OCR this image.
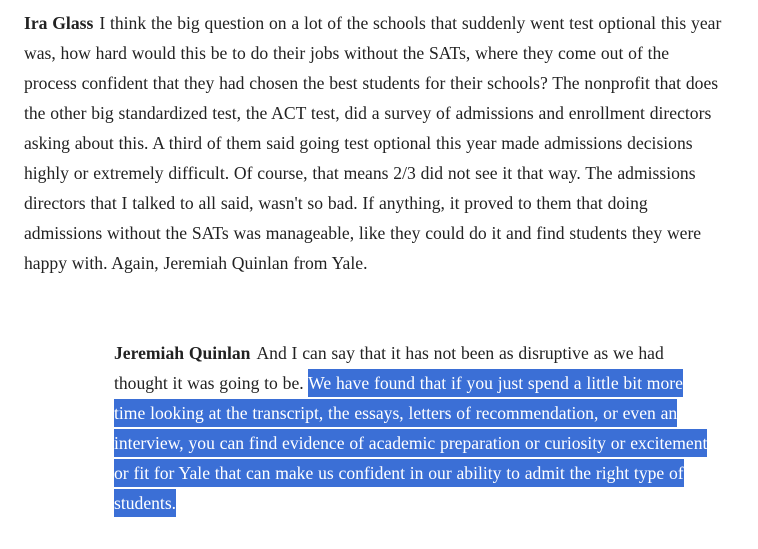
Ira Glass I think the big question on a lot of the schools that suddenly went test optional this year was, how hard would this be to do their jobs without the SATs, where they come out of the process confident that they had chosen the best students for their schools? The nonprofit that does the other big standardized test, the ACT test, did a survey of admissions and enrollment directors asking about this. A third of them said going test optional this year made admissions decisions highly or extremely difficult. Of course, that means 2/3 did not see it that way. The admissions directors that I talked to all said, wasn't so bad. If anything, it proved to them that doing admissions without the SATs was manageable, like they could do it and find students they were happy with. Again, Jeremiah Quinlan from Yale.

Jeremiah Quinlan And I can say that it has not been as disruptive as we had thought it was going to be. We have found that if you just spend a little bit more time looking at the transcript, the essays, letters of recommendation, or even an interview, you can find evidence of academic preparation or curiosity or excitement or fit for Yale that can make us confident in our ability to admit the right type of students.
